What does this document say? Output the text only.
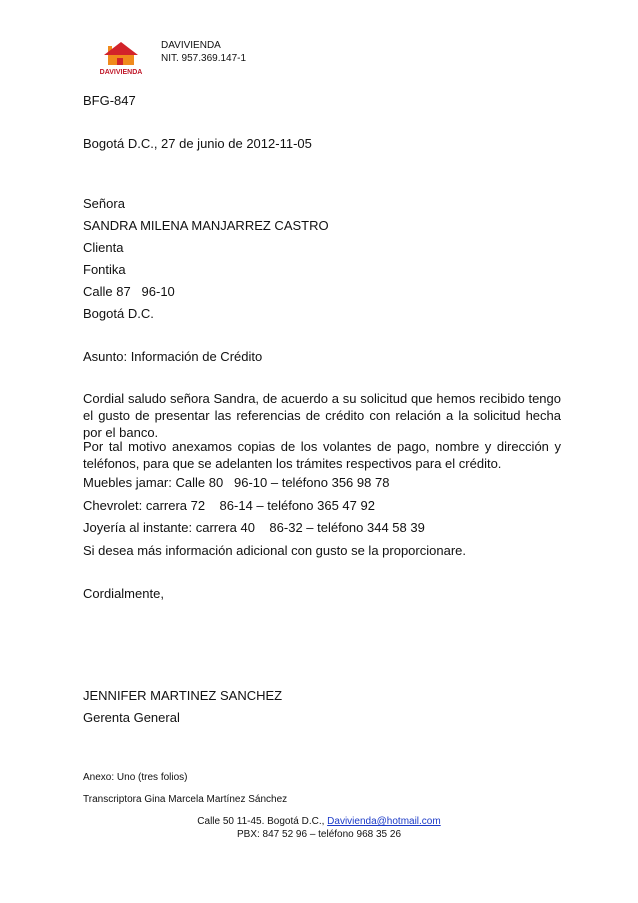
DAVIVIENDA
DAVIVIENDA
NIT. 957.369.147-1
BFG-847
Bogotá D.C., 27 de junio de 2012-11-05
Señora
SANDRA MILENA MANJARREZ CASTRO
Clienta
Fontika
Calle 87   96-10
Bogotá D.C.
Asunto: Información de Crédito

Cordial saludo señora Sandra, de acuerdo a su solicitud que hemos recibido tengo el gusto de presentar las referencias de crédito con relación a la solicitud hecha por el banco.

Por tal motivo anexamos copias de los volantes de pago, nombre y dirección y teléfonos, para que se adelanten los trámites respectivos para el crédito.

Muebles jamar: Calle 80   96-10 – teléfono 356 98 78
Chevrolet: carrera 72    86-14 – teléfono 365 47 92
Joyería al instante: carrera 40    86-32 – teléfono 344 58 39
Si desea más información adicional con gusto se la proporcionare.
Cordialmente,
JENNIFER MARTINEZ SANCHEZ
Gerenta General
Anexo: Uno (tres folios)
Transcriptora Gina Marcela Martínez Sánchez
Calle 50 11-45. Bogotá D.C., Davivienda@hotmail.com
PBX: 847 52 96 – teléfono 968 35 26
